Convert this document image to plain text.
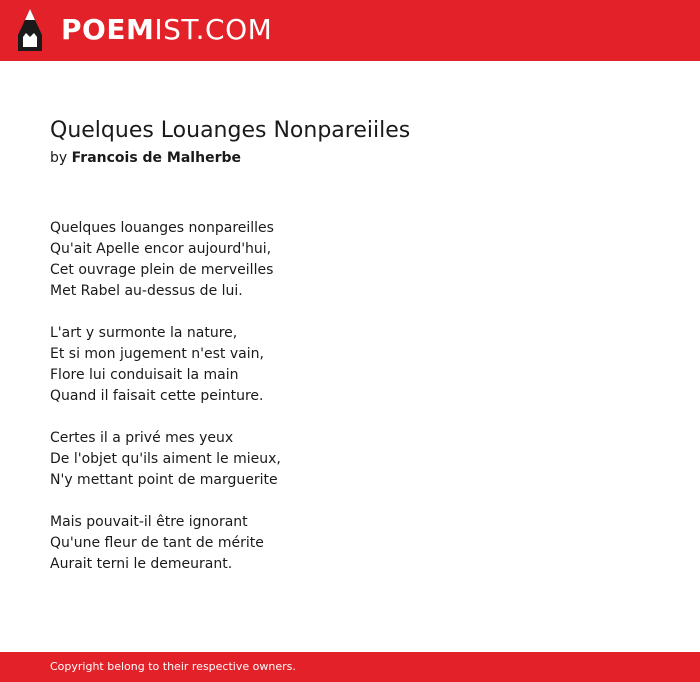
POEMIST.COM
Quelques Louanges Nonpareiiles
by Francois de Malherbe
Quelques louanges nonpareilles
Qu'ait Apelle encor aujourd'hui,
Cet ouvrage plein de merveilles
Met Rabel au-dessus de lui.
L'art y surmonte la nature,
Et si mon jugement n'est vain,
Flore lui conduisait la main
Quand il faisait cette peinture.
Certes il a privé mes yeux
De l'objet qu'ils aiment le mieux,
N'y mettant point de marguerite
Mais pouvait-il être ignorant
Qu'une fleur de tant de mérite
Aurait terni le demeurant.
Copyright belong to their respective owners.
